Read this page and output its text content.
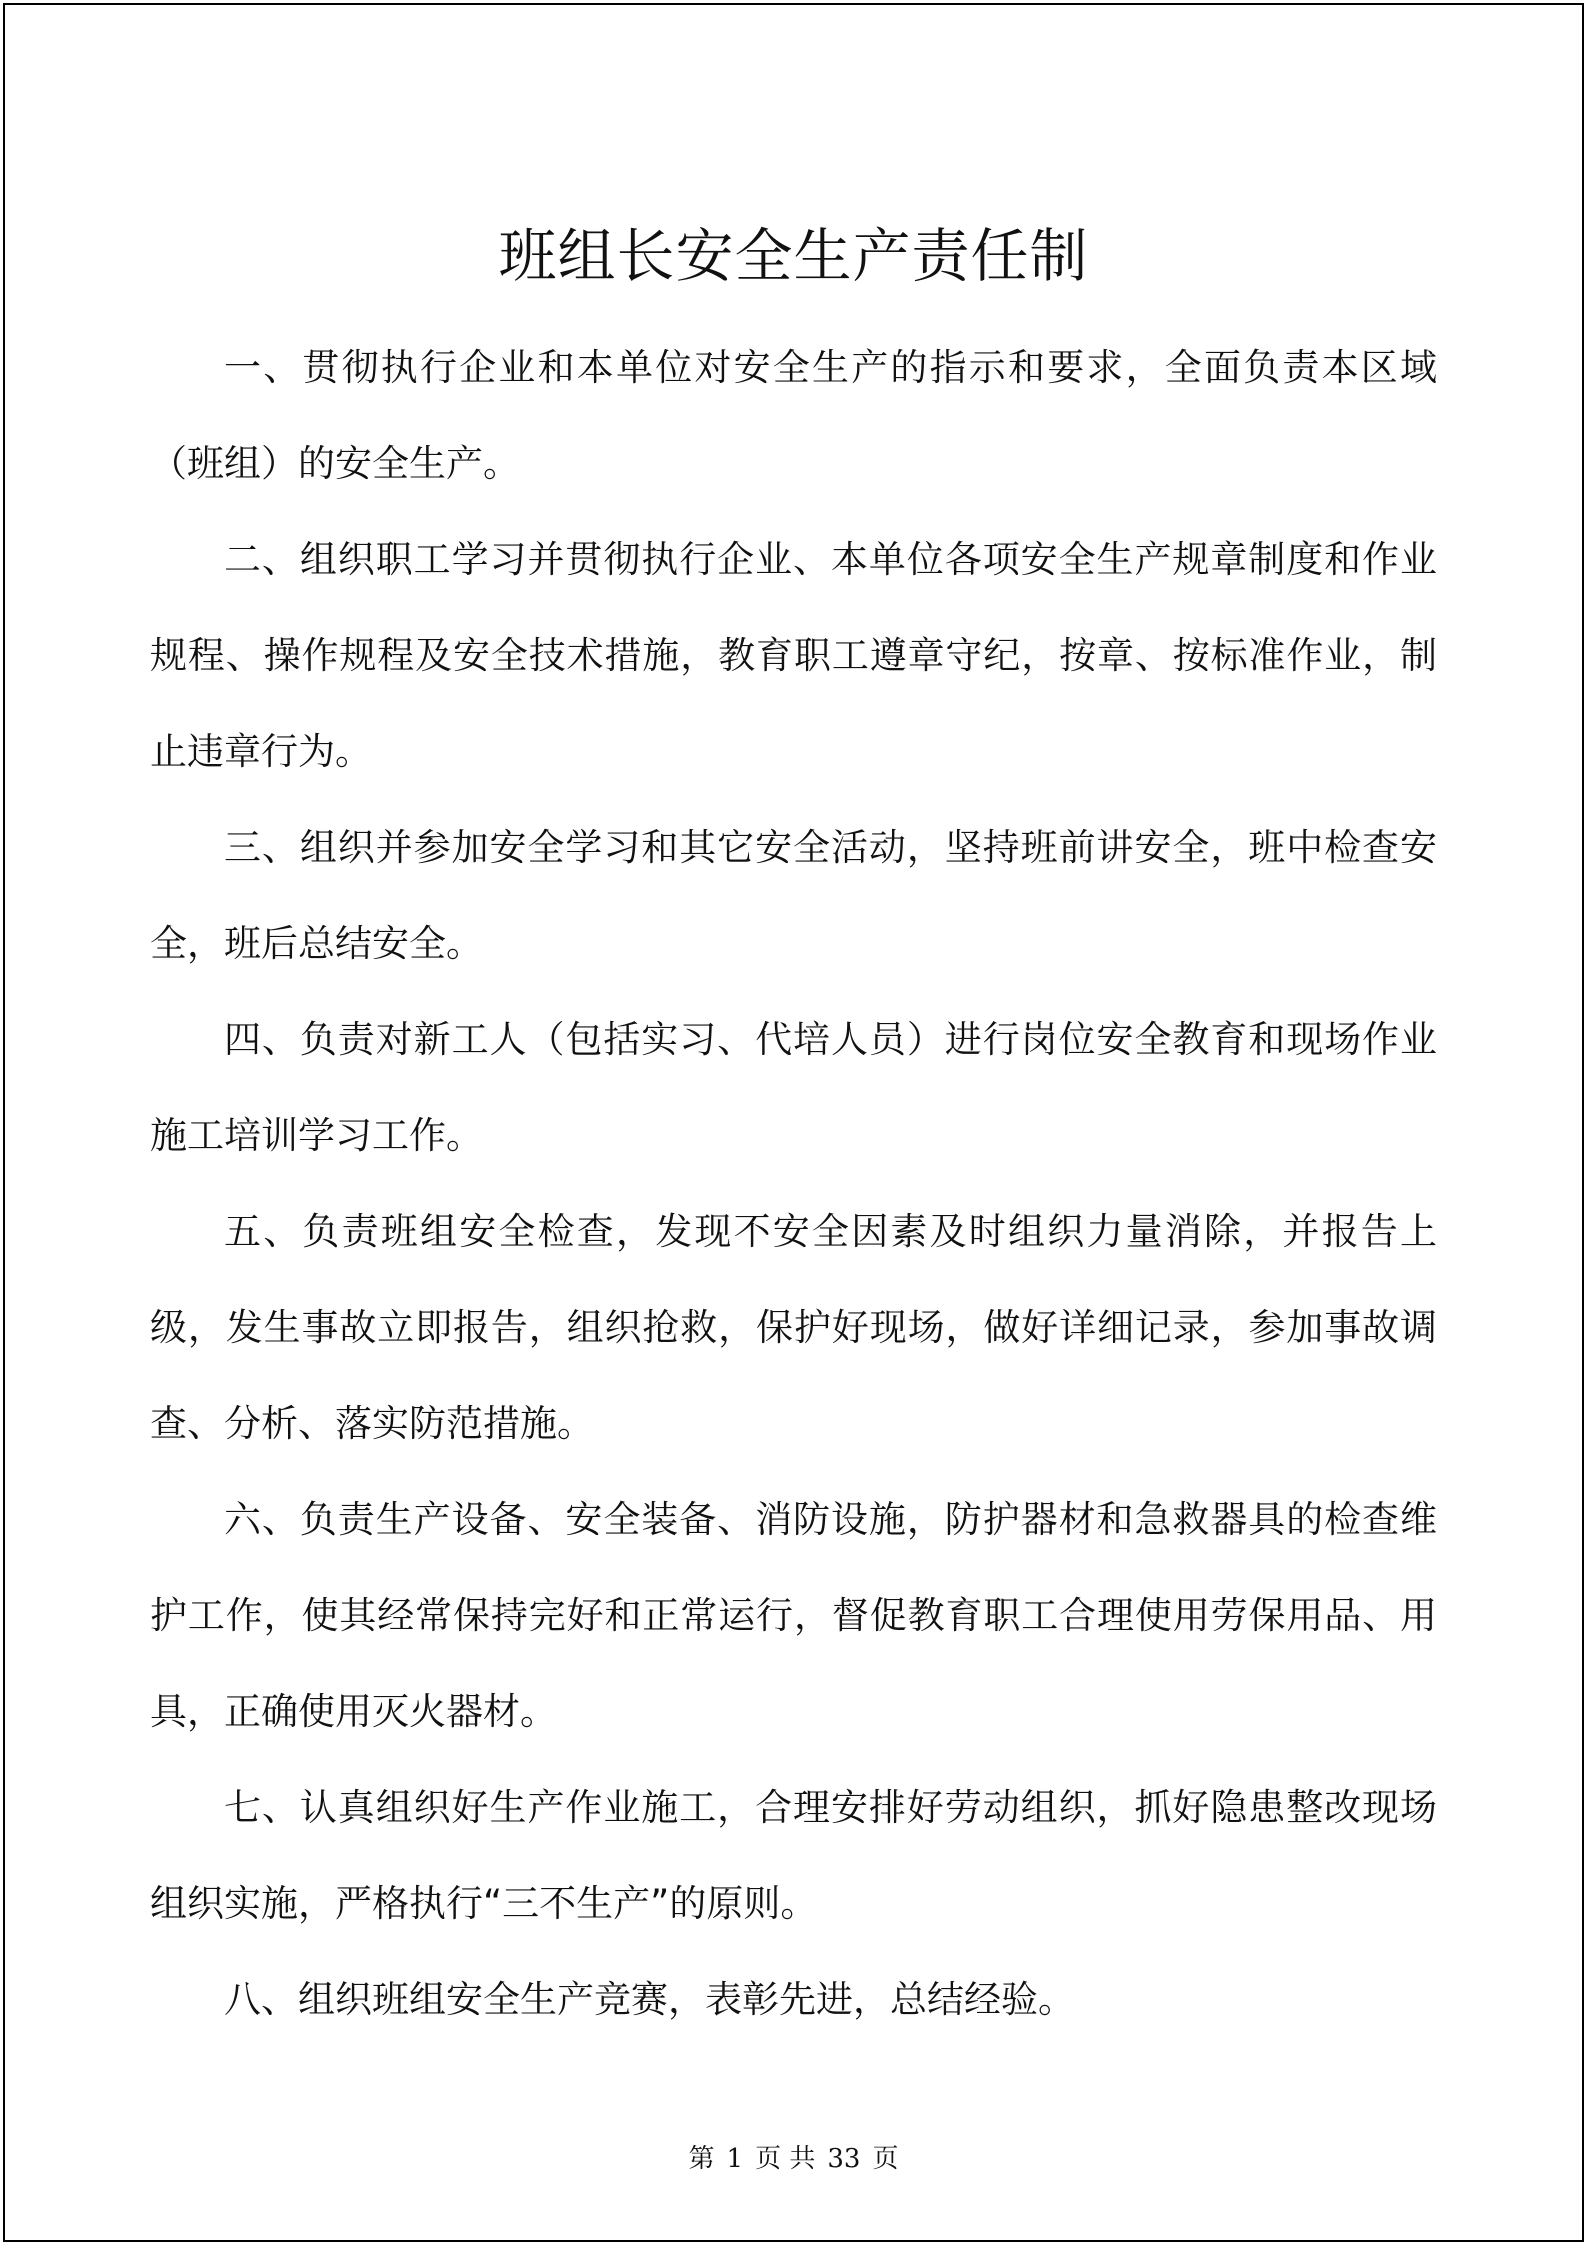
班组长安全生产责任制

一、贯彻执行企业和本单位对安全生产的指示和要求，全面负责本区域（班组）的安全生产。

二、组织职工学习并贯彻执行企业、本单位各项安全生产规章制度和作业规程、操作规程及安全技术措施，教育职工遵章守纪，按章、按标准作业，制止违章行为。

三、组织并参加安全学习和其它安全活动，坚持班前讲安全，班中检查安全，班后总结安全。

四、负责对新工人（包括实习、代培人员）进行岗位安全教育和现场作业施工培训学习工作。

五、负责班组安全检查，发现不安全因素及时组织力量消除，并报告上级，发生事故立即报告，组织抢救，保护好现场，做好详细记录，参加事故调查、分析、落实防范措施。

六、负责生产设备、安全装备、消防设施，防护器材和急救器具的检查维护工作，使其经常保持完好和正常运行，督促教育职工合理使用劳保用品、用具，正确使用灭火器材。

七、认真组织好生产作业施工，合理安排好劳动组织，抓好隐患整改现场组织实施，严格执行“三不生产”的原则。

八、组织班组安全生产竞赛，表彰先进，总结经验。

第 1 页 共 33 页
